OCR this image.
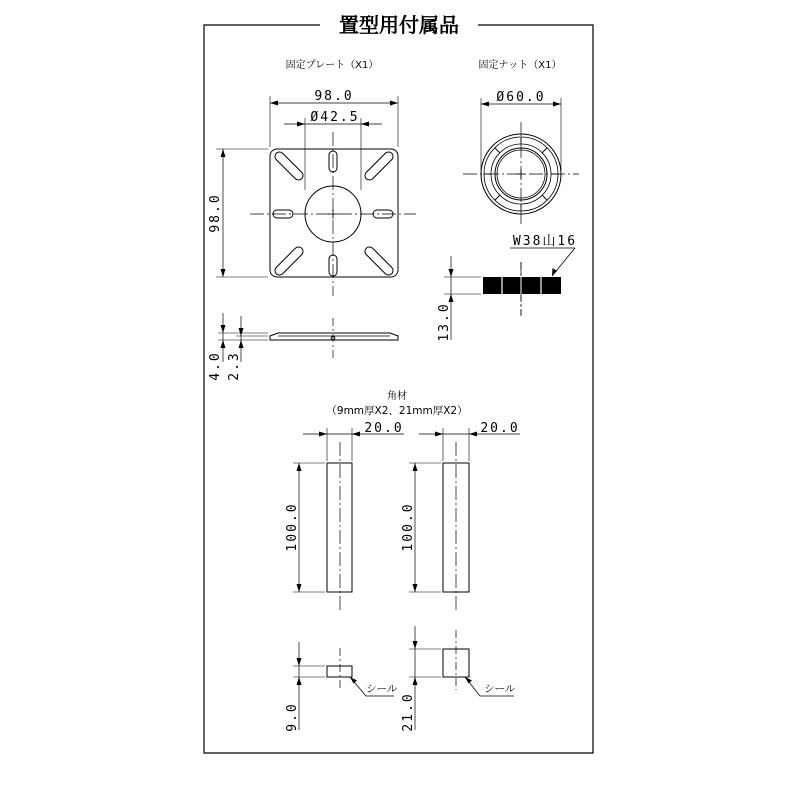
置型用付属品
固定プレート（X1）
98.0
Ø42.5
98.0
4.0 2.3
固定ナット（X1）
Ø60.0
W38山16
13.0
角材
（9mm厚X2、21mm厚X2）
20.0
100.0
20.0
100.0
シール
9.0
シール
21.0
